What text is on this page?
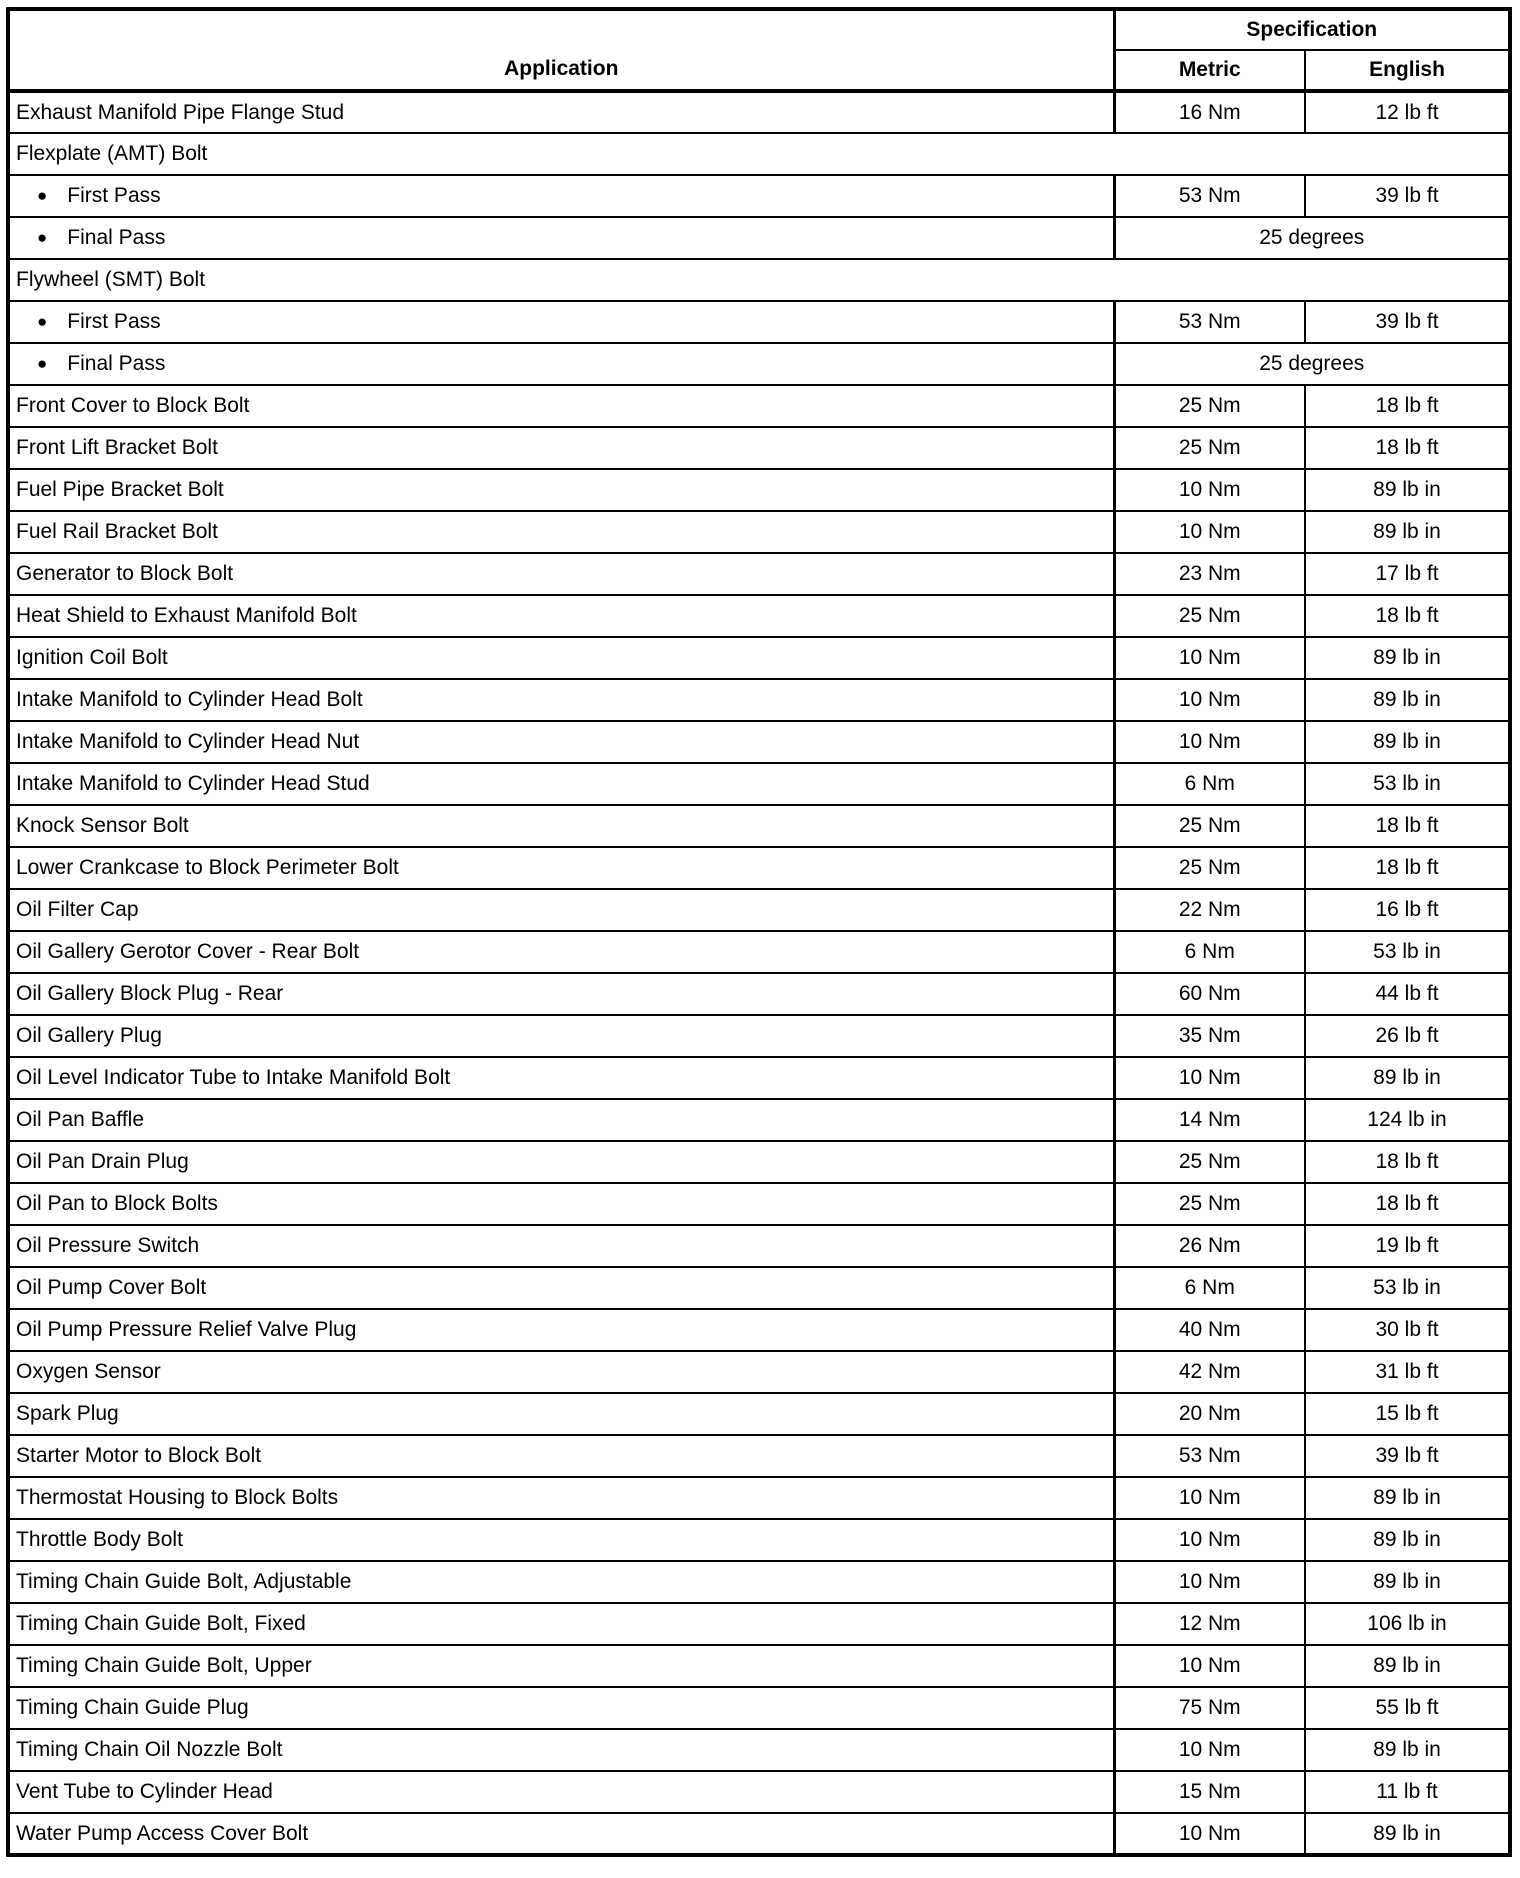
Application	Specification	
	Metric	English
Exhaust Manifold Pipe Flange Stud	16 Nm	12 lb ft
Flexplate (AMT) Bolt		
● First Pass	53 Nm	39 lb ft
● Final Pass	25 degrees	
Flywheel (SMT) Bolt		
● First Pass	53 Nm	39 lb ft
● Final Pass	25 degrees	
Front Cover to Block Bolt	25 Nm	18 lb ft
Front Lift Bracket Bolt	25 Nm	18 lb ft
Fuel Pipe Bracket Bolt	10 Nm	89 lb in
Fuel Rail Bracket Bolt	10 Nm	89 lb in
Generator to Block Bolt	23 Nm	17 lb ft
Heat Shield to Exhaust Manifold Bolt	25 Nm	18 lb ft
Ignition Coil Bolt	10 Nm	89 lb in
Intake Manifold to Cylinder Head Bolt	10 Nm	89 lb in
Intake Manifold to Cylinder Head Nut	10 Nm	89 lb in
Intake Manifold to Cylinder Head Stud	6 Nm	53 lb in
Knock Sensor Bolt	25 Nm	18 lb ft
Lower Crankcase to Block Perimeter Bolt	25 Nm	18 lb ft
Oil Filter Cap	22 Nm	16 lb ft
Oil Gallery Gerotor Cover - Rear Bolt	6 Nm	53 lb in
Oil Gallery Block Plug - Rear	60 Nm	44 lb ft
Oil Gallery Plug	35 Nm	26 lb ft
Oil Level Indicator Tube to Intake Manifold Bolt	10 Nm	89 lb in
Oil Pan Baffle	14 Nm	124 lb in
Oil Pan Drain Plug	25 Nm	18 lb ft
Oil Pan to Block Bolts	25 Nm	18 lb ft
Oil Pressure Switch	26 Nm	19 lb ft
Oil Pump Cover Bolt	6 Nm	53 lb in
Oil Pump Pressure Relief Valve Plug	40 Nm	30 lb ft
Oxygen Sensor	42 Nm	31 lb ft
Spark Plug	20 Nm	15 lb ft
Starter Motor to Block Bolt	53 Nm	39 lb ft
Thermostat Housing to Block Bolts	10 Nm	89 lb in
Throttle Body Bolt	10 Nm	89 lb in
Timing Chain Guide Bolt, Adjustable	10 Nm	89 lb in
Timing Chain Guide Bolt, Fixed	12 Nm	106 lb in
Timing Chain Guide Bolt, Upper	10 Nm	89 lb in
Timing Chain Guide Plug	75 Nm	55 lb ft
Timing Chain Oil Nozzle Bolt	10 Nm	89 lb in
Vent Tube to Cylinder Head	15 Nm	11 lb ft
Water Pump Access Cover Bolt	10 Nm	89 lb in
